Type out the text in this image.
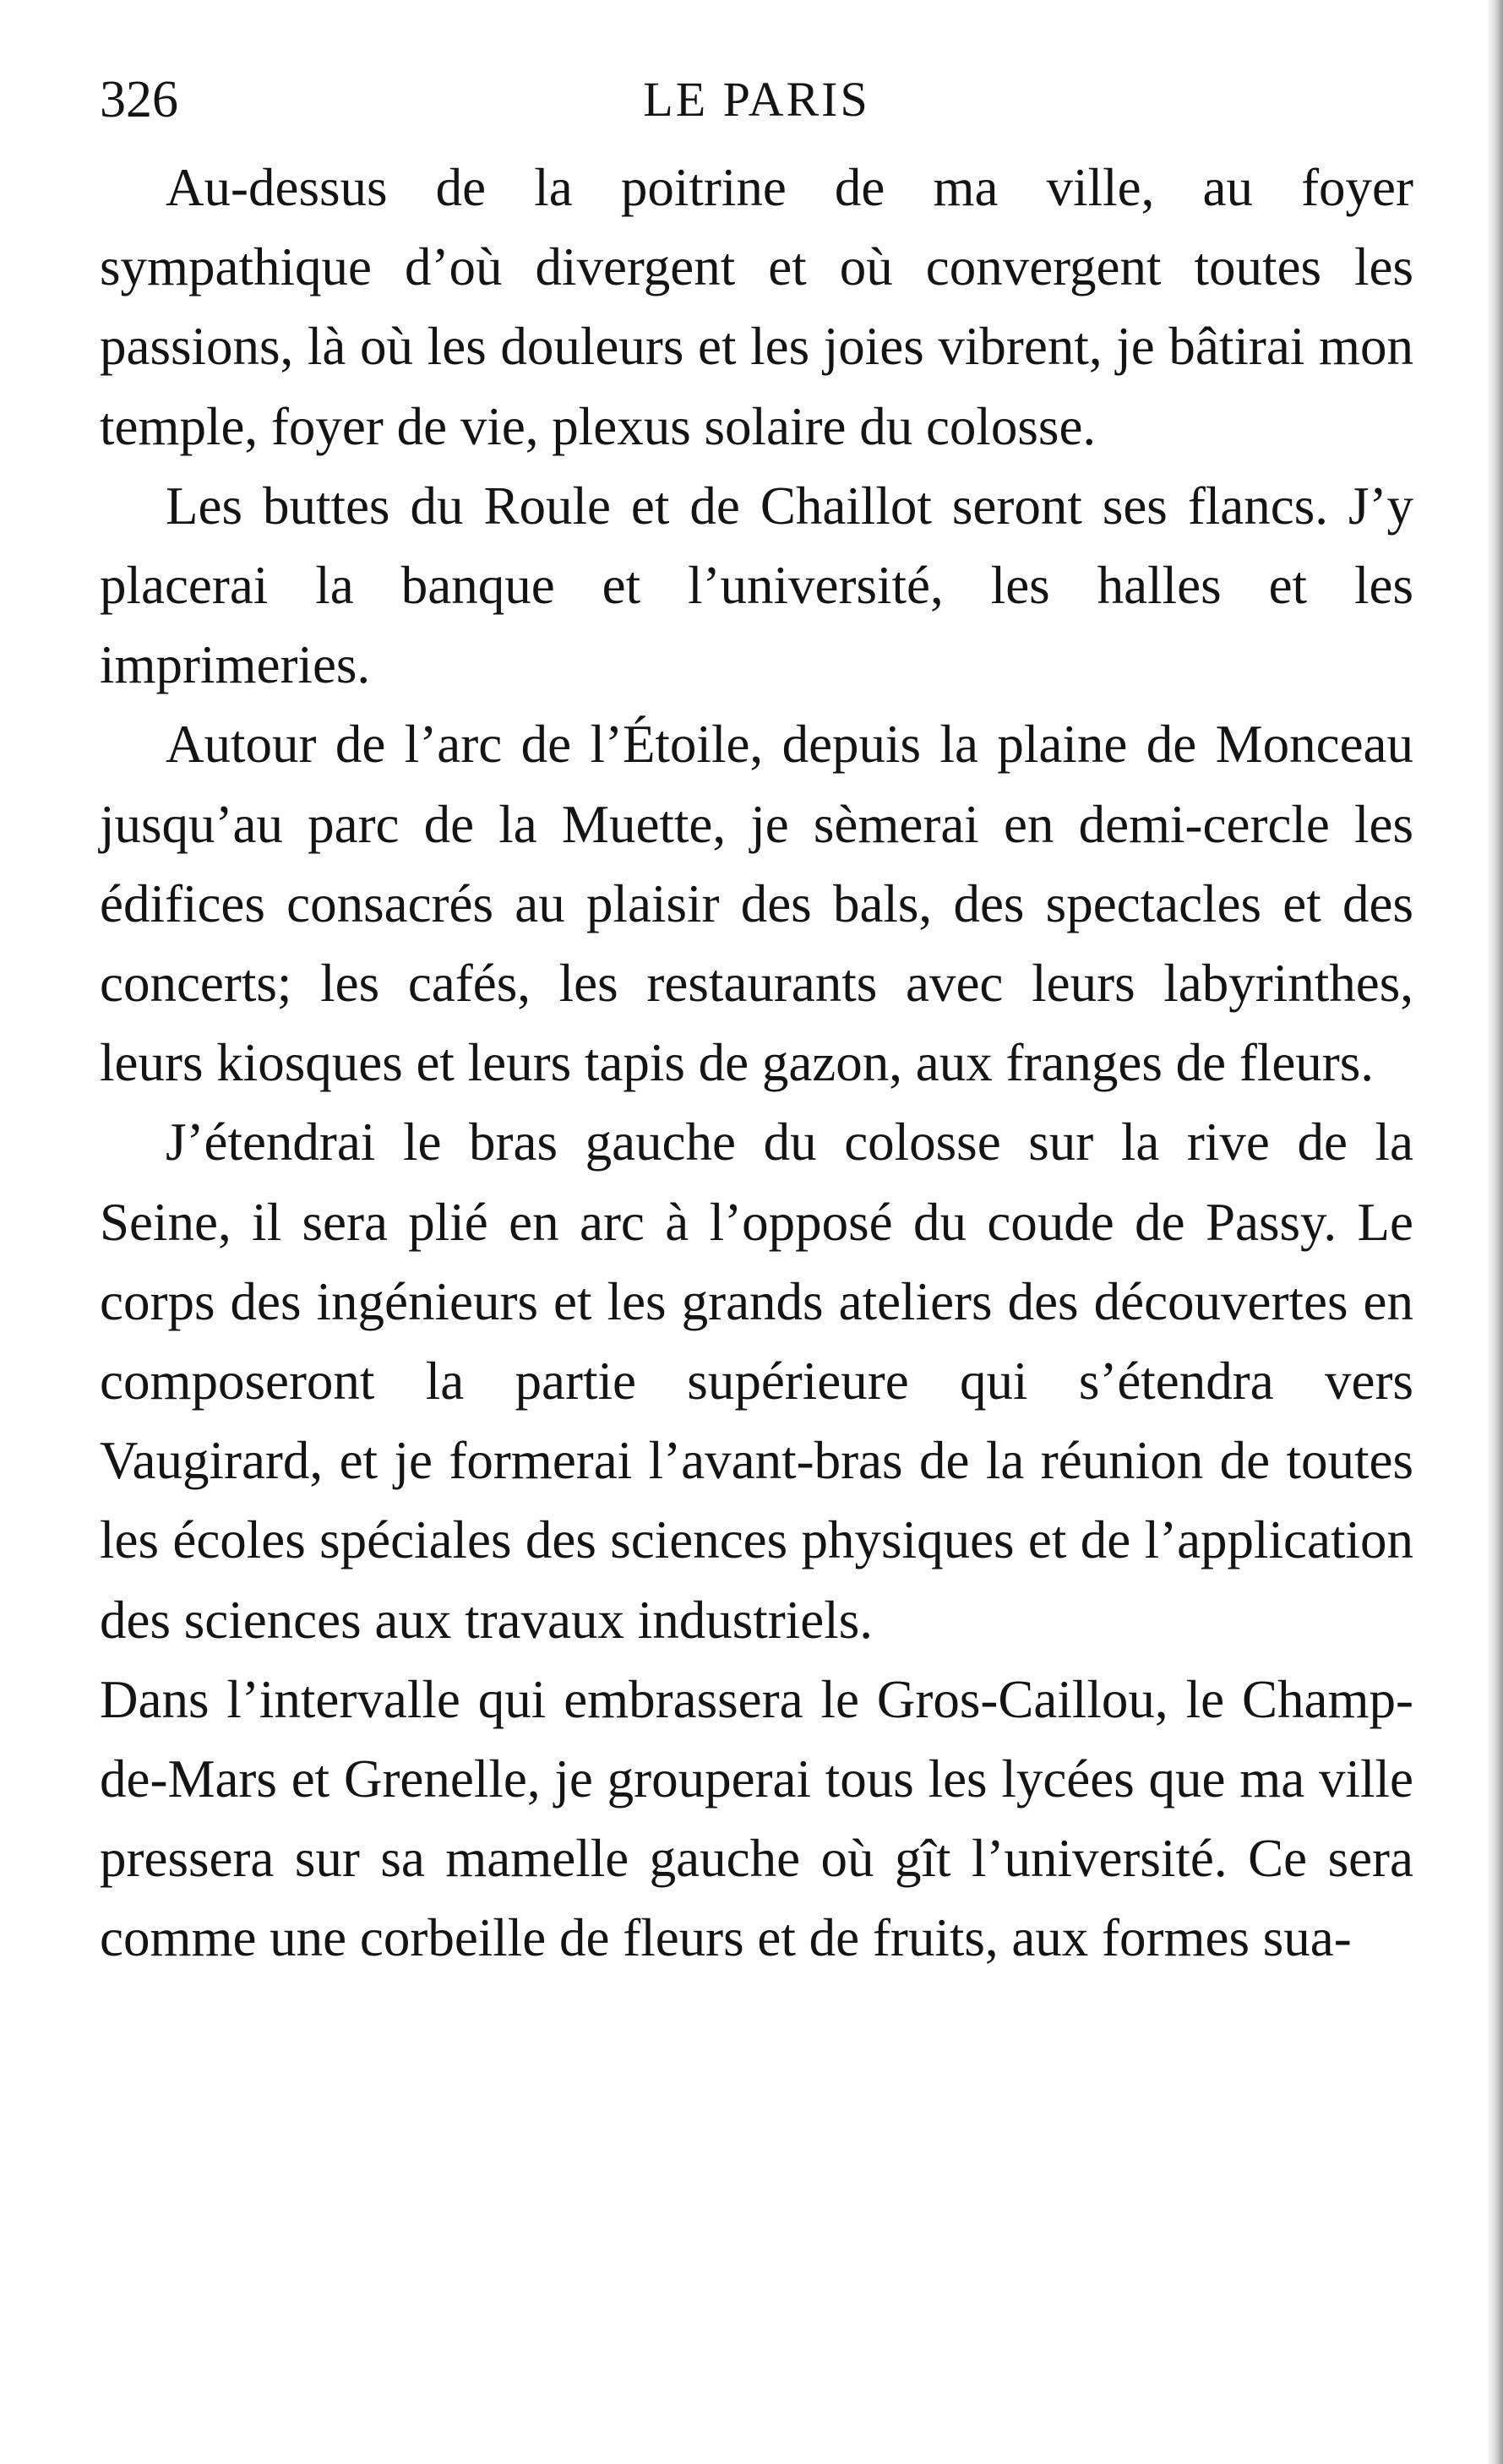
326	LE PARIS

Au-dessus de la poitrine de ma ville, au foyer sympathique d’où divergent et où convergent toutes les passions, là où les douleurs et les joies vibrent, je bâtirai mon temple, foyer de vie, plexus solaire du colosse.

Les buttes du Roule et de Chaillot seront ses flancs. J’y placerai la banque et l’université, les halles et les imprimeries.

Autour de l’arc de l’Étoile, depuis la plaine de Monceau jusqu’au parc de la Muette, je sèmerai en demi-cercle les édifices consacrés au plaisir des bals, des spectacles et des concerts; les cafés, les restaurants avec leurs labyrinthes, leurs kiosques et leurs tapis de gazon, aux franges de fleurs.

J’étendrai le bras gauche du colosse sur la rive de la Seine, il sera plié en arc à l’opposé du coude de Passy. Le corps des ingénieurs et les grands ateliers des découvertes en composeront la partie supérieure qui s’étendra vers Vaugirard, et je formerai l’avant-bras de la réunion de toutes les écoles spéciales des sciences physiques et de l’application des sciences aux travaux industriels.

Dans l’intervalle qui embrassera le Gros-Caillou, le Champ-de-Mars et Grenelle, je grouperai tous les lycées que ma ville pressera sur sa mamelle gauche où gît l’université. Ce sera comme une corbeille de fleurs et de fruits, aux formes sua-
